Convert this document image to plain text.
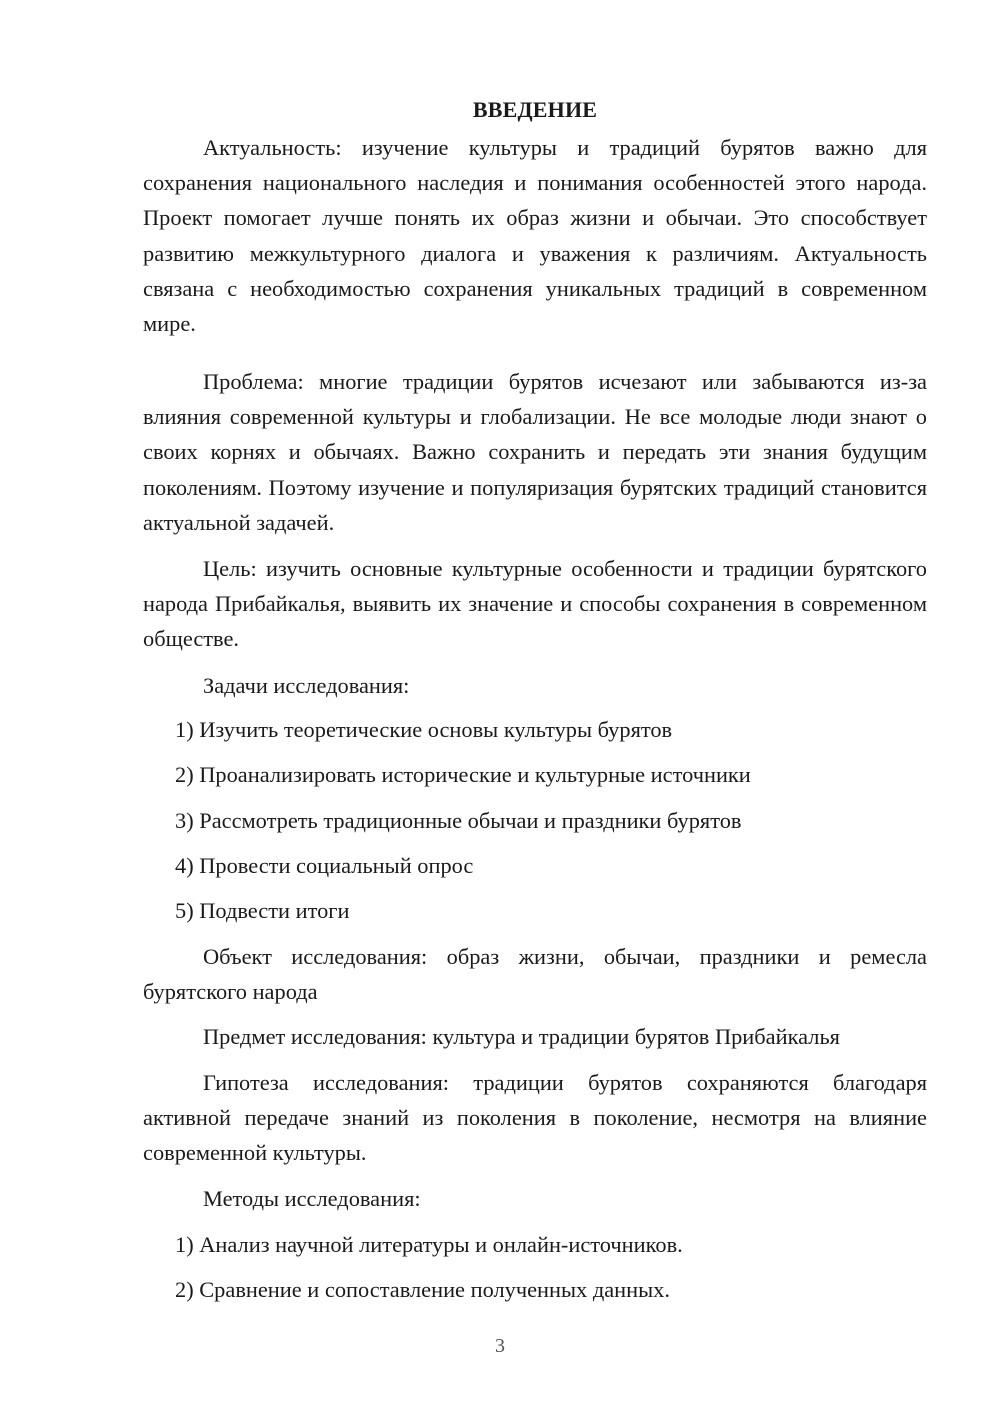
ВВЕДЕНИЕ

Актуальность: изучение культуры и традиций бурятов важно для сохранения национального наследия и понимания особенностей этого народа. Проект помогает лучше понять их образ жизни и обычаи. Это способствует развитию межкультурного диалога и уважения к различиям. Актуальность связана с необходимостью сохранения уникальных традиций в современном мире.

Проблема: многие традиции бурятов исчезают или забываются из-за влияния современной культуры и глобализации. Не все молодые люди знают о своих корнях и обычаях. Важно сохранить и передать эти знания будущим поколениям. Поэтому изучение и популяризация бурятских традиций становится актуальной задачей.

Цель: изучить основные культурные особенности и традиции бурятского народа Прибайкалья, выявить их значение и способы сохранения в современном обществе.

Задачи исследования:
1) Изучить теоретические основы культуры бурятов
2) Проанализировать исторические и культурные источники
3) Рассмотреть традиционные обычаи и праздники бурятов
4) Провести социальный опрос
5) Подвести итоги

Объект исследования: образ жизни, обычаи, праздники и ремесла бурятского народа

Предмет исследования: культура и традиции бурятов Прибайкалья

Гипотеза исследования: традиции бурятов сохраняются благодаря активной передаче знаний из поколения в поколение, несмотря на влияние современной культуры.

Методы исследования:
1) Анализ научной литературы и онлайн-источников.
2) Сравнение и сопоставление полученных данных.
3
